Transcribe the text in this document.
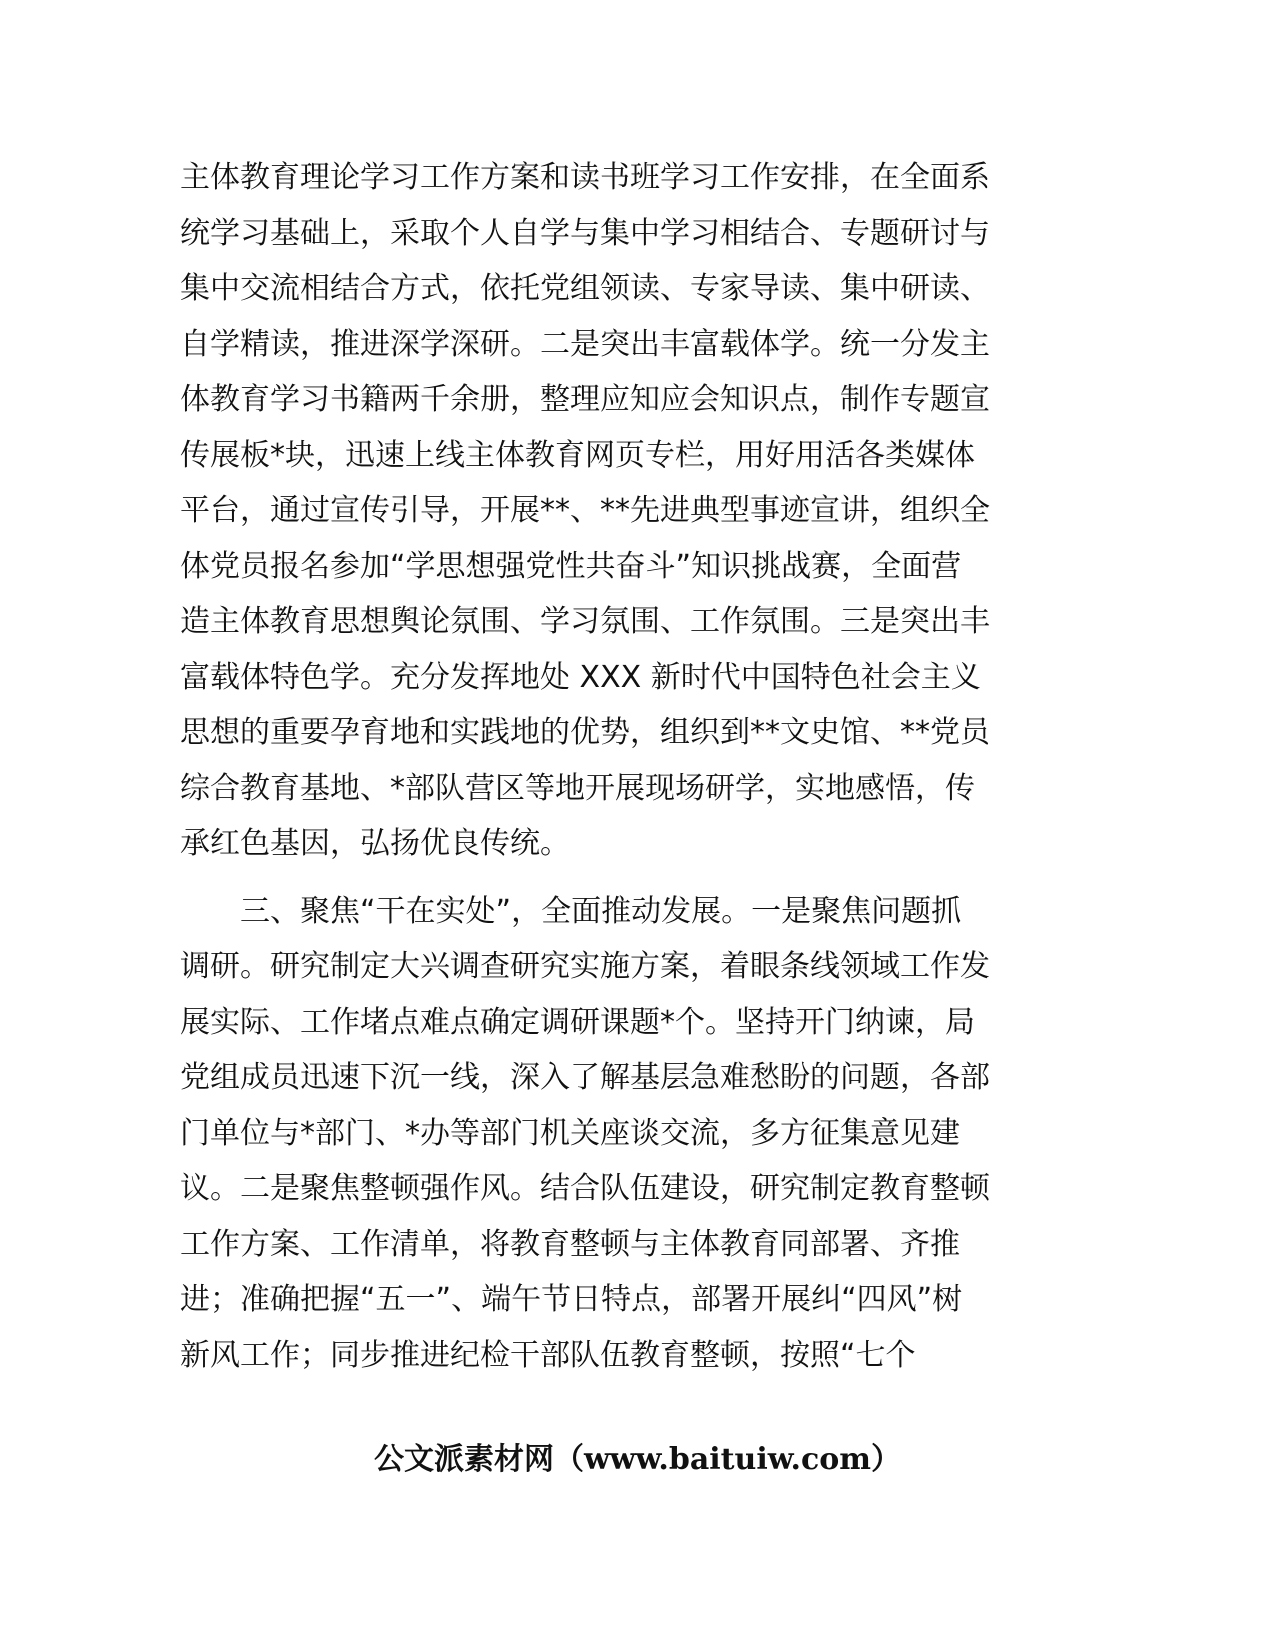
主体教育理论学习工作方案和读书班学习工作安排，在全面系

统学习基础上，采取个人自学与集中学习相结合、专题研讨与

集中交流相结合方式，依托党组领读、专家导读、集中研读、

自学精读，推进深学深研。二是突出丰富载体学。统一分发主

体教育学习书籍两千余册，整理应知应会知识点，制作专题宣

传展板*块，迅速上线主体教育网页专栏，用好用活各类媒体

平台，通过宣传引导，开展**、**先进典型事迹宣讲，组织全

体党员报名参加“学思想强党性共奋斗”知识挑战赛，全面营

造主体教育思想舆论氛围、学习氛围、工作氛围。三是突出丰

富载体特色学。充分发挥地处 XXX 新时代中国特色社会主义

思想的重要孕育地和实践地的优势，组织到**文史馆、**党员

综合教育基地、*部队营区等地开展现场研学，实地感悟，传

承红色基因，弘扬优良传统。

　　三、聚焦“干在实处”，全面推动发展。一是聚焦问题抓

调研。研究制定大兴调查研究实施方案，着眼条线领域工作发

展实际、工作堵点难点确定调研课题*个。坚持开门纳谏，局

党组成员迅速下沉一线，深入了解基层急难愁盼的问题，各部

门单位与*部门、*办等部门机关座谈交流，多方征集意见建

议。二是聚焦整顿强作风。结合队伍建设，研究制定教育整顿

工作方案、工作清单，将教育整顿与主体教育同部署、齐推

进；准确把握“五一”、端午节日特点，部署开展纠“四风”树

新风工作；同步推进纪检干部队伍教育整顿，按照“七个

公文派素材网（www.baituiw.com）
